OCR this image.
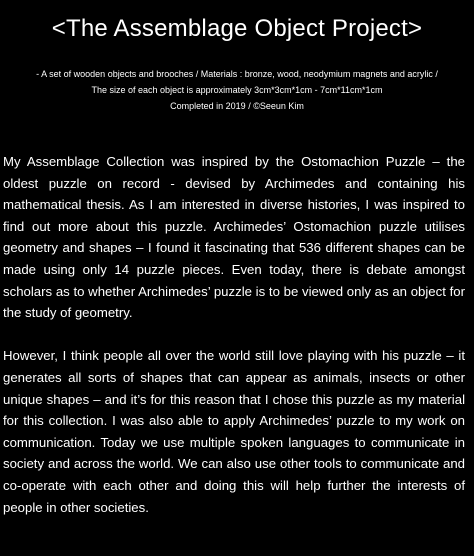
<The Assemblage Object Project>
- A set of wooden objects and brooches / Materials : bronze, wood, neodymium magnets and acrylic /
The size of each object is approximately 3cm*3cm*1cm - 7cm*11cm*1cm
Completed in 2019 / ©Seeun Kim

My Assemblage Collection was inspired by the Ostomachion Puzzle – the oldest puzzle on record - devised by Archimedes and containing his mathematical thesis. As I am interested in diverse histories, I was inspired to find out more about this puzzle. Archimedes’ Ostomachion puzzle utilises geometry and shapes – I found it fascinating that 536 different shapes can be made using only 14 puzzle pieces. Even today, there is debate amongst scholars as to whether Archimedes’ puzzle is to be viewed only as an object for the study of geometry.

However, I think people all over the world still love playing with his puzzle – it generates all sorts of shapes that can appear as animals, insects or other unique shapes – and it’s for this reason that I chose this puzzle as my material for this collection. I was also able to apply Archimedes’ puzzle to my work on communication. Today we use multiple spoken languages to communicate in society and across the world. We can also use other tools to communicate and co-operate with each other and doing this will help further the interests of people in other societies.
